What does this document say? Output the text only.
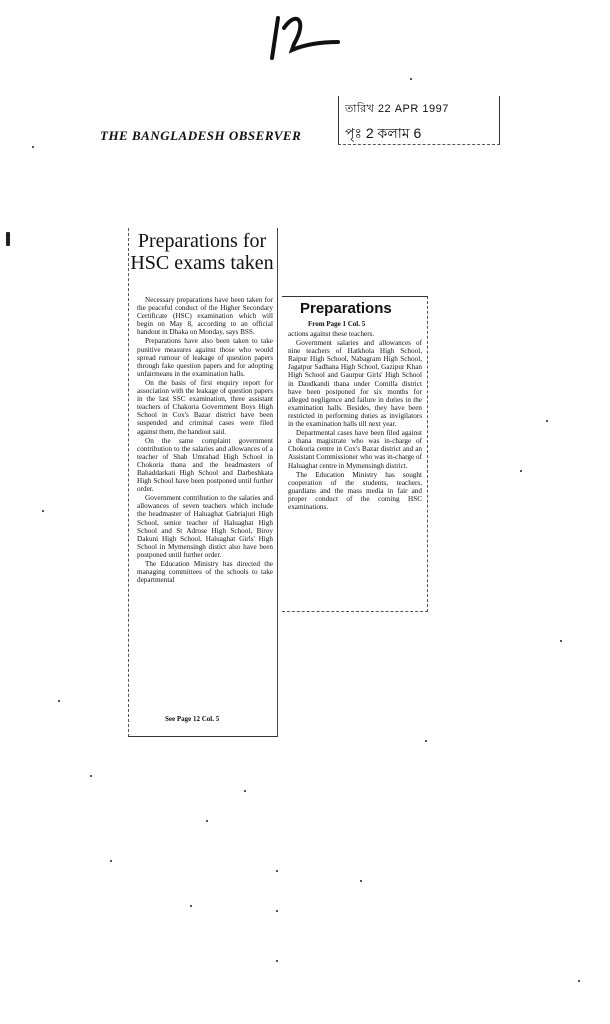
THE BANGLADESH OBSERVER
তারিখ 22 APR 1997
পৃঃ 2 কলাম 6
Preparations for HSC exams taken

Necessary preparations have been taken for the peaceful conduct of the Higher Secondary Certificate (HSC) examination which will begin on May 8, according to an official handout in Dhaka on Monday, says BSS.

Preparations have also been taken to take punitive measures against those who would spread rumour of leakage of question papers through fake question papers and for adopting unfairmeans in the examination halls.

On the basis of first enquiry report for association with the leakage of question papers in the last SSC examination, three assistant teachers of Chakoria Government Boys High School in Cox's Bazar district have been suspended and criminal cases were filed against them, the handout said.

On the same complaint government contribution to the salaries and allowances of a teacher of Shah Umrahad High School in Chokoria thana and the headmasters of Bahaddarkati High School and Darbeshkata High School have been postponed until further order.

Government contribution to the salaries and allowances of seven teachers which include the headmaster of Haluaghat Gabriajuri High School, senior teacher of Haluaghat High School and St Adrose High School, Biroy Dakuni High School, Haluaghat Girls' High School in Mymensingh distict also have been postponed until further order.

The Education Ministry has directed the managing committees of the schools to take departmental

See Page 12 Col. 5
Preparations
From Page 1 Col. 5

actions against these teachers.

Government salaries and allowances of nine teachers of Hatkhola High School, Raipur High School, Nabagram High School, Jagatpur Sadhana High School, Gazipur Khan High School and Gaurpur Girls' High School in Daudkandi thana under Comilla district have been postponed for six months for alleged negligence and failure in duties in the examination halls. Besides, they have been restricted in performing duties as invigilators in the examination halls till next year.

Departmental cases have been filed against a thana magistrate who was in-charge of Chokoria centre in Cox's Bazar district and an Assistant Commissioner who was in-charge of Haluaghat centre in Mymensingh district.

The Education Ministry has sought cooperation of the students, teachers, guardians and the mass media in fair and proper conduct of the coming HSC examinations.
